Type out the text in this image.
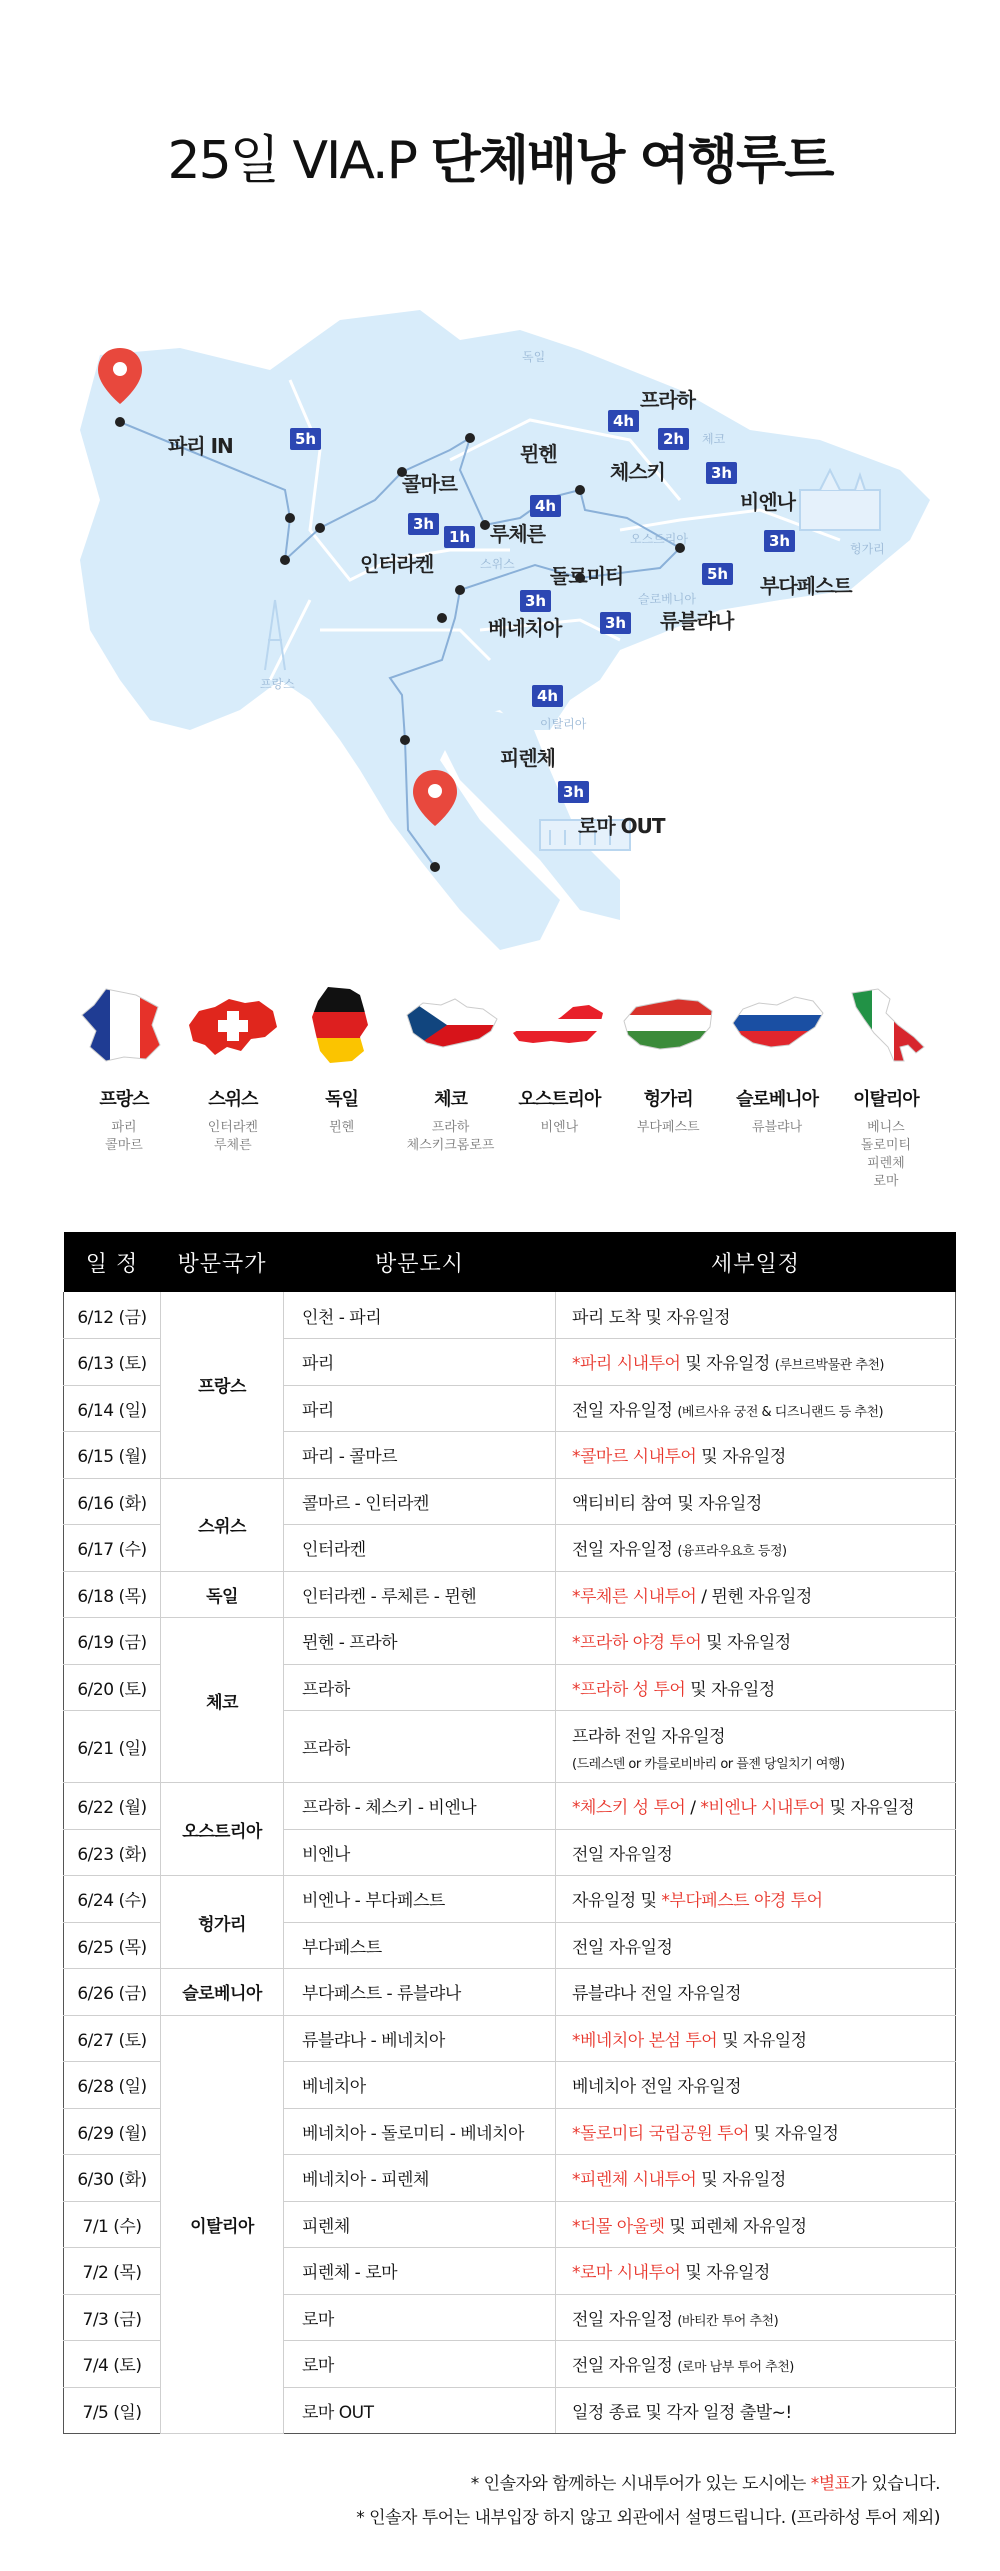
25일 VIA.P 단체배낭 여행루트
독일
체코
프랑스
스위스
오스트리아
헝가리
슬로베니아
이탈리아
파리 IN
콜마르
인터라켄
루체른
뮌헨
프라하
체스키
비엔나
부다페스트
돌로미티
베네치아	류블랴나
피렌체
로마 OUT
5h
3h
1h
4h
4h
2h
3h
3h
5h
3h
3h
4h
3h
프랑스
파리
콜마르
스위스
인터라켄
루체른
독일
뮌헨
체코
프라하
체스키크롬로프
오스트리아
비엔나
헝가리
부다페스트
슬로베니아
류블랴나
이탈리아
베니스
돌로미티
피렌체
로마
일 정	방문국가	방문도시	세부일정
6/12 (금)	프랑스	인천 - 파리	파리 도착 및 자유일정
6/13 (토)		파리	*파리 시내투어 및 자유일정 (루브르박물관 추천)
6/14 (일)		파리	전일 자유일정 (베르사유 궁전 & 디즈니랜드 등 추천)
6/15 (월)		파리 - 콜마르	*콜마르 시내투어 및 자유일정
6/16 (화)	스위스	콜마르 - 인터라켄	액티비티 참여 및 자유일정
6/17 (수)		인터라켄	전일 자유일정 (융프라우요흐 등정)
6/18 (목)	독일	인터라켄 - 루체른 - 뮌헨	*루체른 시내투어 / 뮌헨 자유일정
6/19 (금)	체코	뮌헨 - 프라하	*프라하 야경 투어 및 자유일정
6/20 (토)		프라하	*프라하 성 투어 및 자유일정
6/21 (일)		프라하	프라하 전일 자유일정
(드레스덴 or 카를로비바리 or 플젠 당일치기 여행)

6/22 (월)	오스트리아	프라하 - 체스키 - 비엔나	*체스키 성 투어 / *비엔나 시내투어 및 자유일정
6/23 (화)		비엔나	전일 자유일정
6/24 (수)	헝가리	비엔나 - 부다페스트	자유일정 및 *부다페스트 야경 투어
6/25 (목)		부다페스트	전일 자유일정
6/26 (금)	슬로베니아	부다페스트 - 류블랴나	류블랴나 전일 자유일정
6/27 (토)	이탈리아	류블랴나 - 베네치아	*베네치아 본섬 투어 및 자유일정
6/28 (일)		베네치아	베네치아 전일 자유일정
6/29 (월)		베네치아 - 돌로미티 - 베네치아	*돌로미티 국립공원 투어 및 자유일정
6/30 (화)		베네치아 - 피렌체	*피렌체 시내투어 및 자유일정
7/1 (수)		피렌체	*더몰 아울렛 및 피렌체 자유일정
7/2 (목)		피렌체 - 로마	*로마 시내투어 및 자유일정
7/3 (금)		로마	전일 자유일정 (바티칸 투어 추천)
7/4 (토)		로마	전일 자유일정 (로마 남부 투어 추천)
7/5 (일)		로마 OUT	일정 종료 및 각자 일정 출발~!
* 인솔자와 함께하는 시내투어가 있는 도시에는 *별표가 있습니다.
* 인솔자 투어는 내부입장 하지 않고 외관에서 설명드립니다. (프라하성 투어 제외)
